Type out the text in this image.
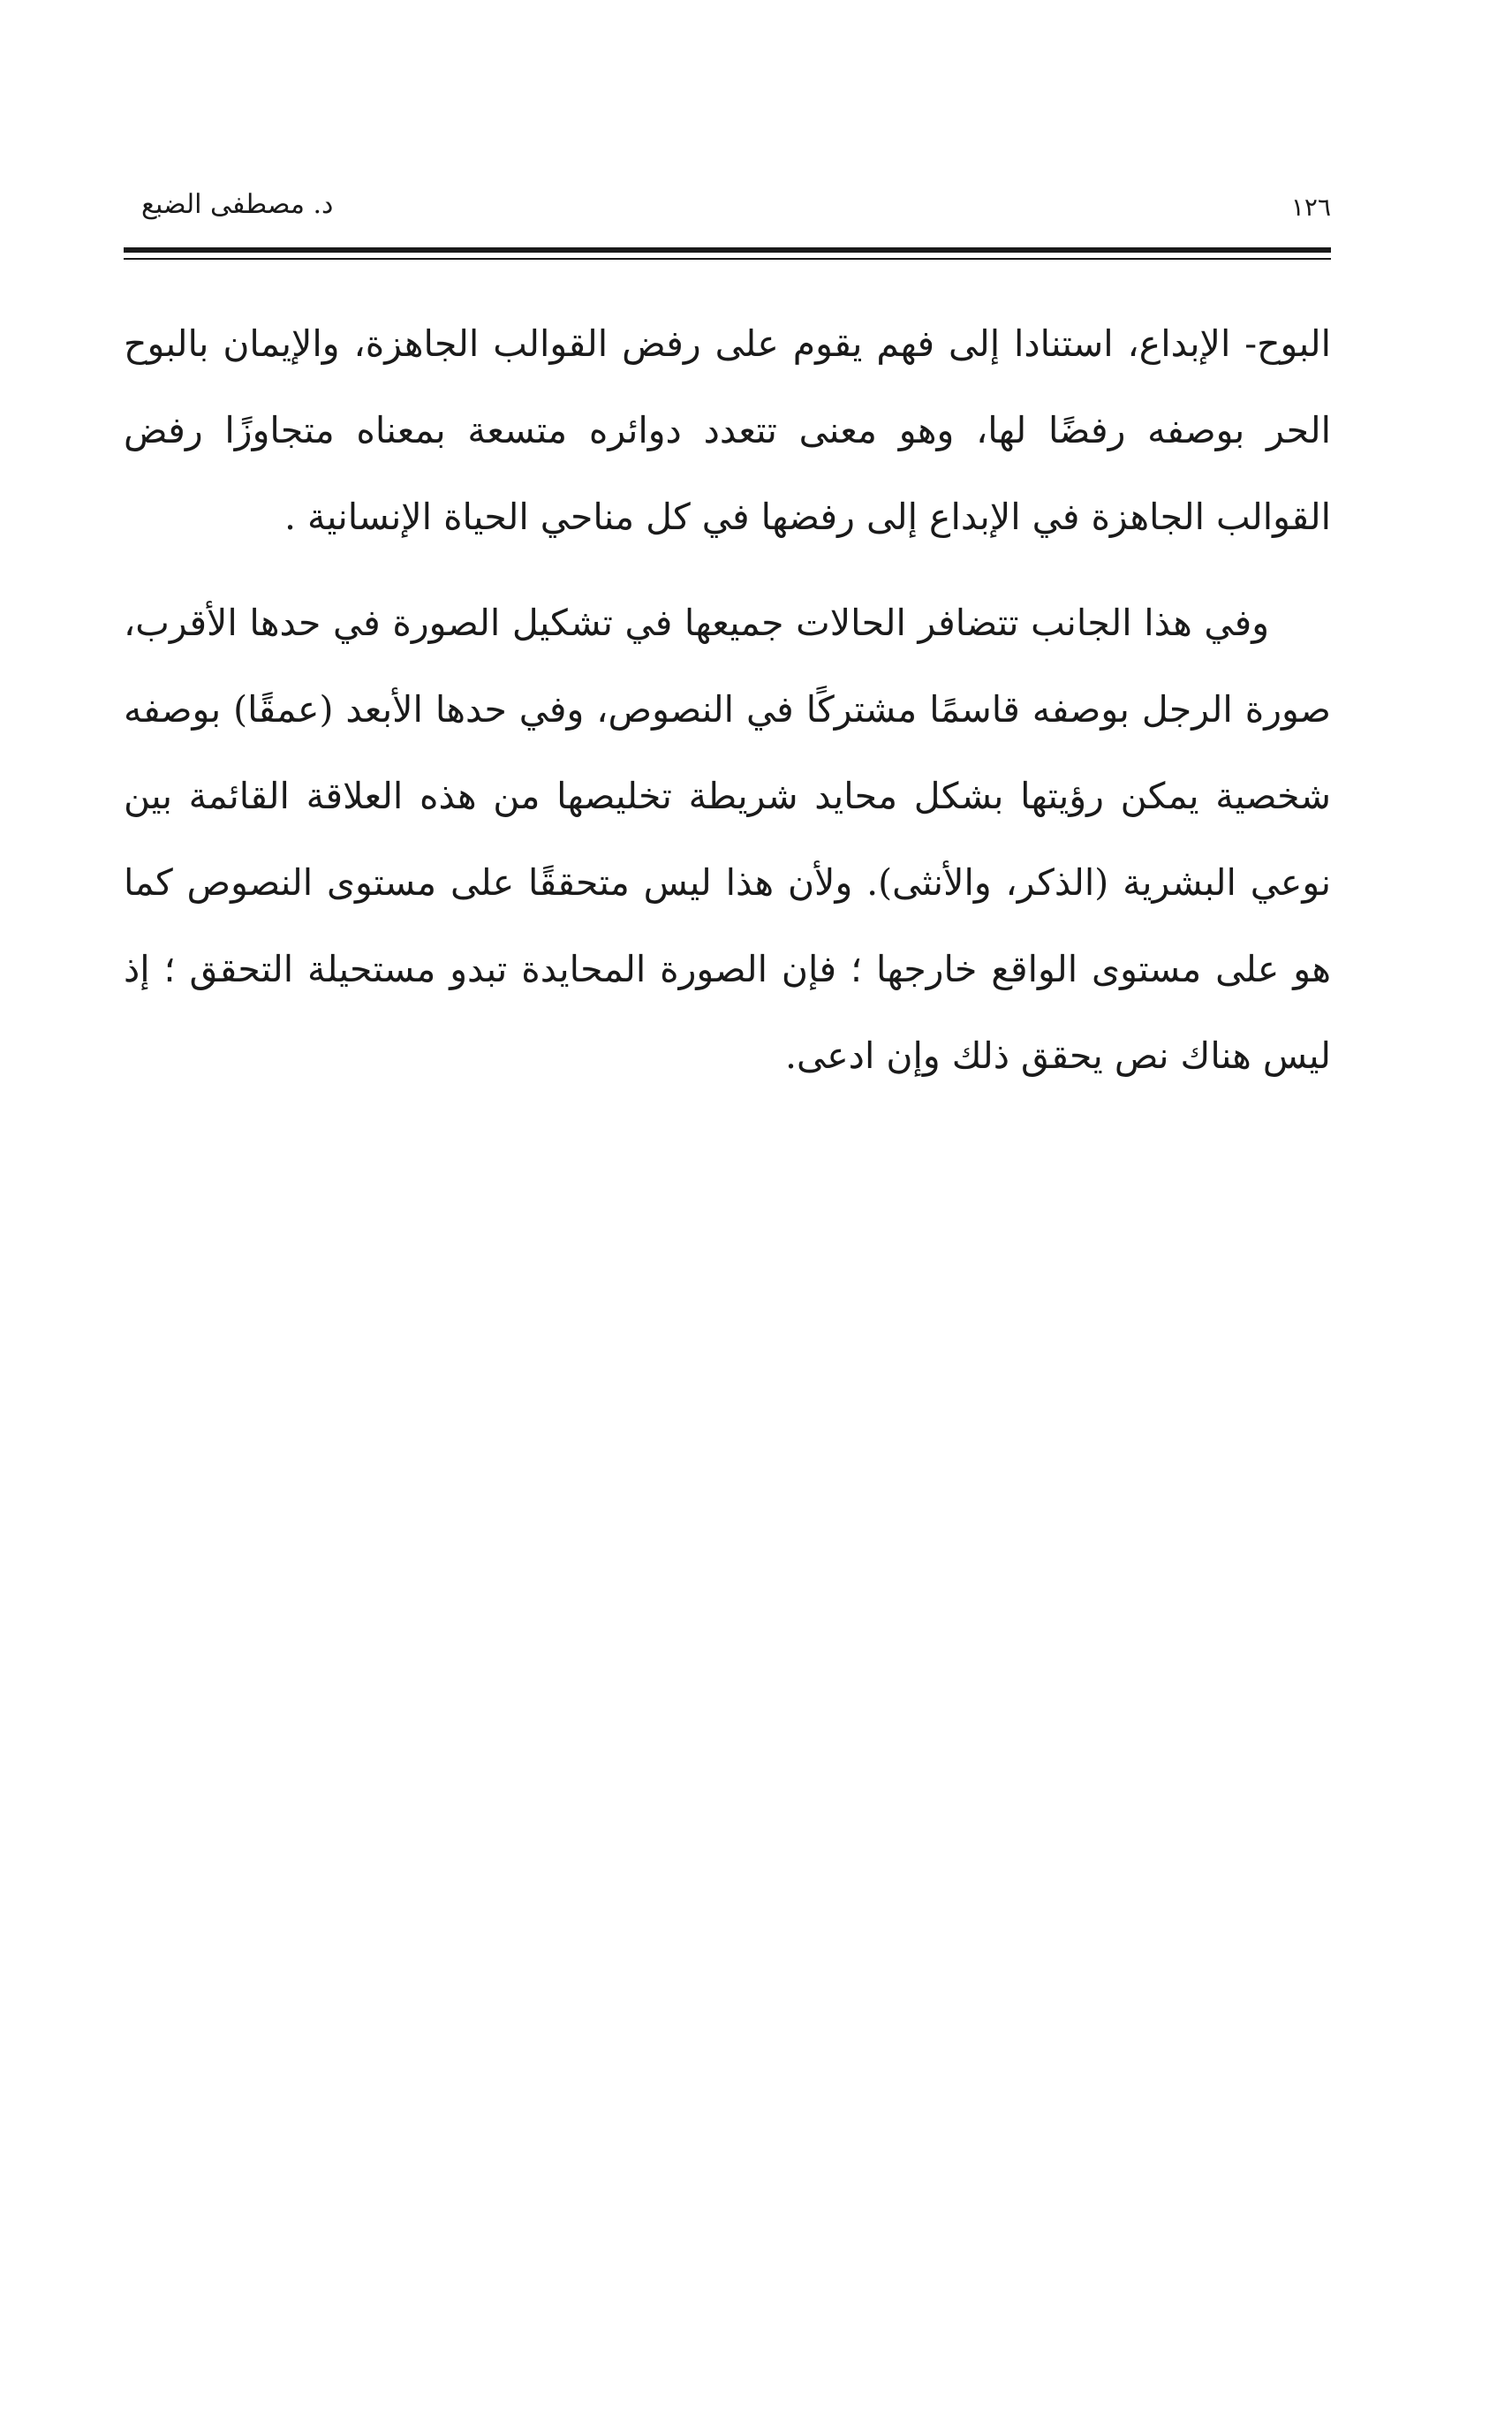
د. مصطفى الضبع	١٢٦

البوح- الإبداع، استنادا إلى فهم يقوم على رفض القوالب الجاهزة، والإيمان بالبوح الحر بوصفه رفضًا لها، وهو معنى تتعدد دوائره متسعة بمعناه متجاوزًا رفض القوالب الجاهزة في الإبداع إلى رفضها في كل مناحي الحياة الإنسانية .

وفي هذا الجانب تتضافر الحالات جميعها في تشكيل الصورة في حدها الأقرب، صورة الرجل بوصفه قاسمًا مشتركًا في النصوص، وفي حدها الأبعد (عمقًا) بوصفه شخصية يمكن رؤيتها بشكل محايد شريطة تخليصها من هذه العلاقة القائمة بين نوعي البشرية (الذكر، والأنثى). ولأن هذا ليس متحققًا على مستوى النصوص كما هو على مستوى الواقع خارجها ؛ فإن الصورة المحايدة تبدو مستحيلة التحقق ؛ إذ ليس هناك نص يحقق ذلك وإن ادعى.
